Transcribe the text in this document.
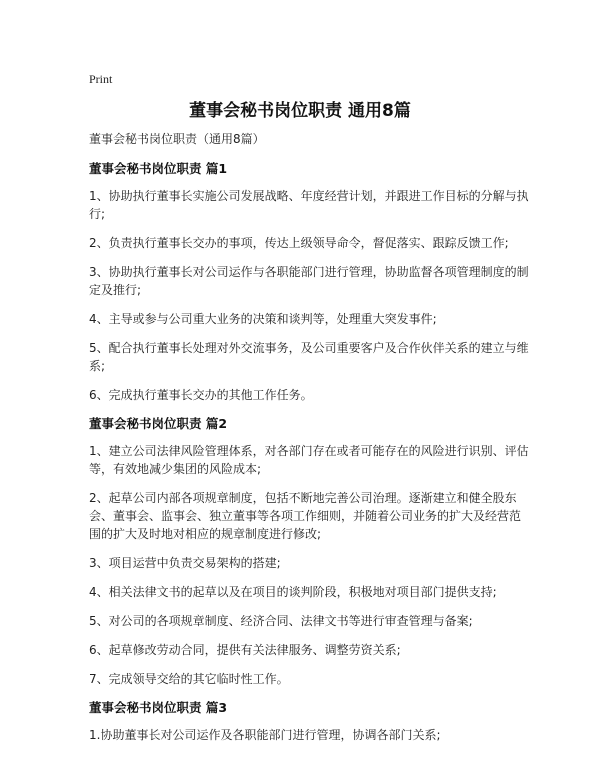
Print
董事会秘书岗位职责 通用8篇
董事会秘书岗位职责（通用8篇）
董事会秘书岗位职责 篇1

1、协助执行董事长实施公司发展战略、年度经营计划，并跟进工作目标的分解与执行;

2、负责执行董事长交办的事项，传达上级领导命令，督促落实、跟踪反馈工作;

3、协助执行董事长对公司运作与各职能部门进行管理，协助监督各项管理制度的制定及推行;

4、主导或参与公司重大业务的决策和谈判等，处理重大突发事件;

5、配合执行董事长处理对外交流事务，及公司重要客户及合作伙伴关系的建立与维系;

6、完成执行董事长交办的其他工作任务。

董事会秘书岗位职责 篇2

1、建立公司法律风险管理体系，对各部门存在或者可能存在的风险进行识别、评估等，有效地减少集团的风险成本;

2、起草公司内部各项规章制度，包括不断地完善公司治理。逐渐建立和健全股东会、董事会、监事会、独立董事等各项工作细则，并随着公司业务的扩大及经营范围的扩大及时地对相应的规章制度进行修改;

3、项目运营中负责交易架构的搭建;

4、相关法律文书的起草以及在项目的谈判阶段，积极地对项目部门提供支持;

5、对公司的各项规章制度、经济合同、法律文书等进行审查管理与备案;

6、起草修改劳动合同，提供有关法律服务、调整劳资关系;

7、完成领导交给的其它临时性工作。

董事会秘书岗位职责 篇3

1.协助董事长对公司运作及各职能部门进行管理，协调各部门关系;
